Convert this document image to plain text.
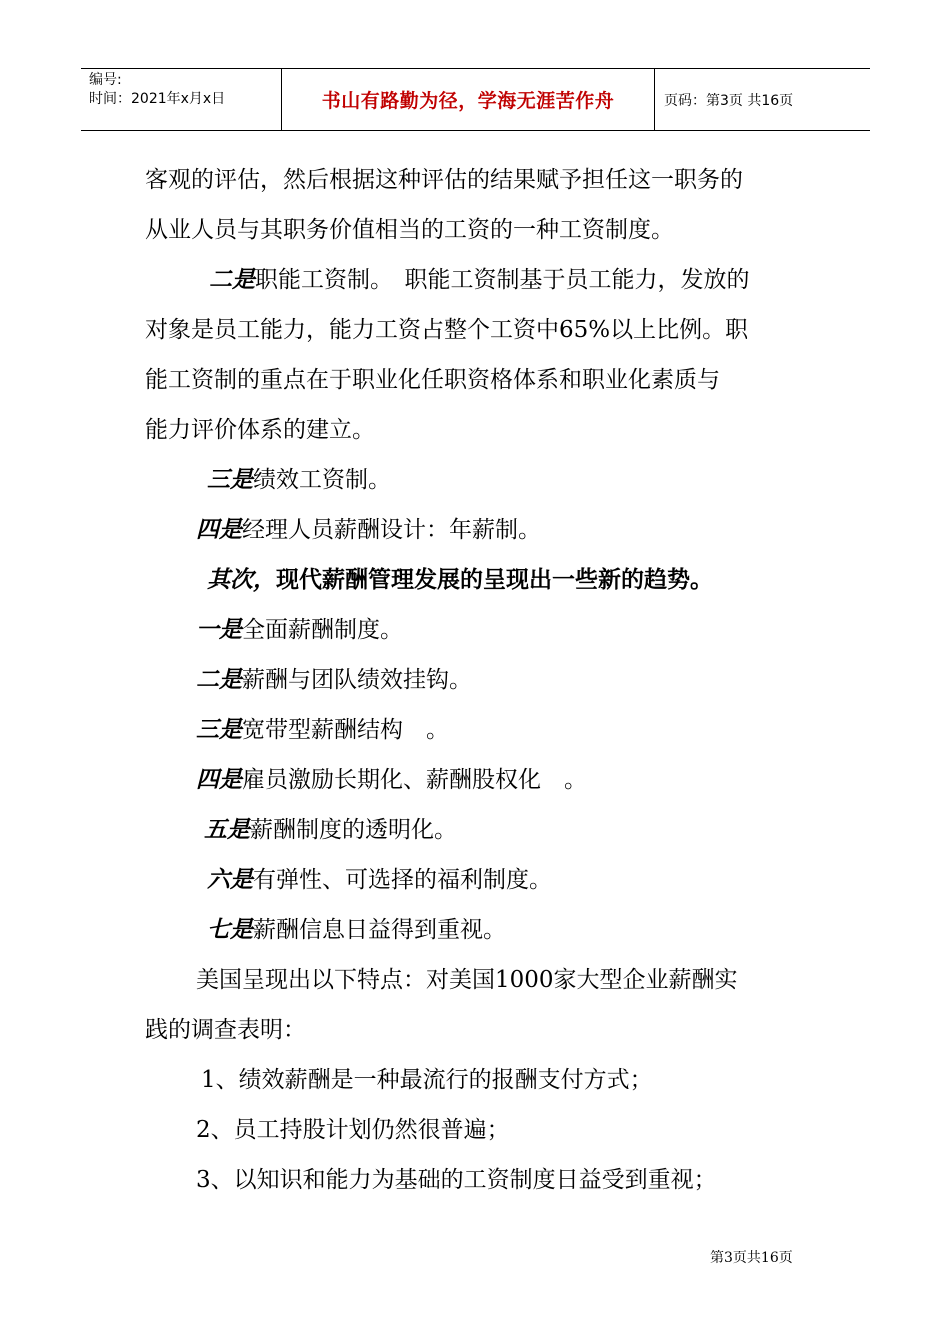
编号:
时间：2021年x月x日	书山有路勤为径，学海无涯苦作舟	页码：第3页 共16页
客观的评估，然后根据这种评估的结果赋予担任这一职务的
从业人员与其职务价值相当的工资的一种工资制度。
二是职能工资制。　职能工资制基于员工能力，发放的
对象是员工能力，能力工资占整个工资中65%以上比例。职
能工资制的重点在于职业化任职资格体系和职业化素质与
能力评价体系的建立。
三是绩效工资制。
四是经理人员薪酬设计：年薪制。
其次，现代薪酬管理发展的呈现出一些新的趋势。
一是全面薪酬制度。
二是薪酬与团队绩效挂钩。
三是宽带型薪酬结构　。
四是雇员激励长期化、薪酬股权化　。
五是薪酬制度的透明化。
六是有弹性、可选择的福利制度。
七是薪酬信息日益得到重视。
美国呈现出以下特点：对美国1000家大型企业薪酬实
践的调查表明：
1、绩效薪酬是一种最流行的报酬支付方式；
2、员工持股计划仍然很普遍；
3、以知识和能力为基础的工资制度日益受到重视；
第3页共16页
